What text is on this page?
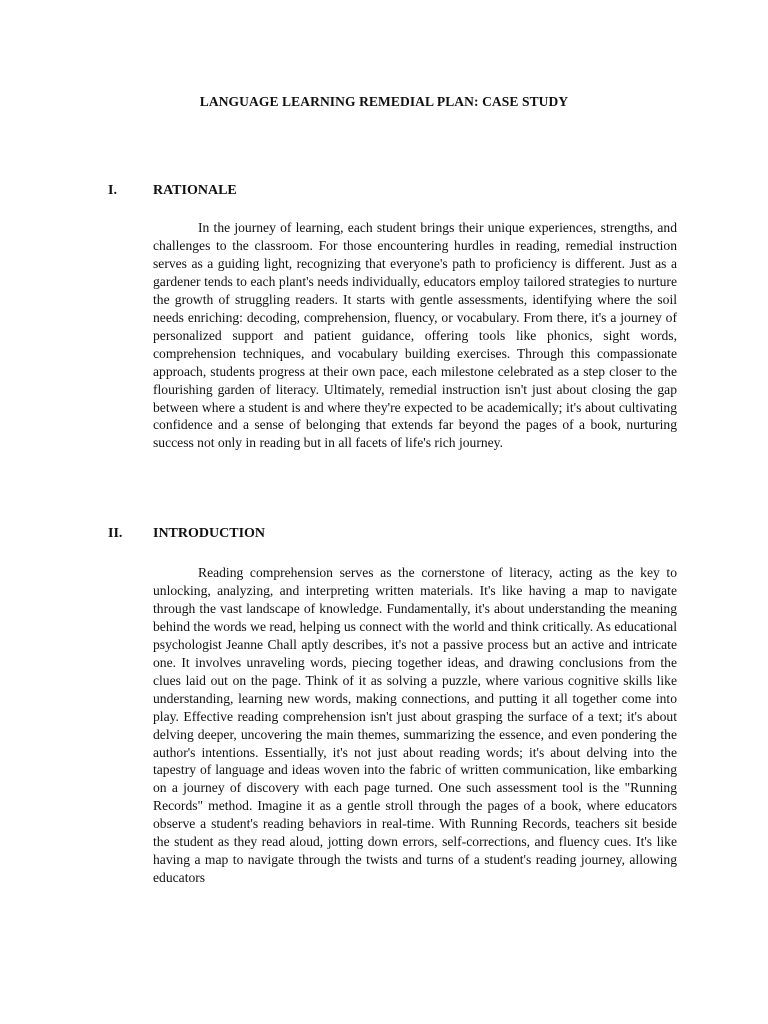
LANGUAGE LEARNING REMEDIAL PLAN: CASE STUDY
I.	RATIONALE

In the journey of learning, each student brings their unique experiences, strengths, and challenges to the classroom. For those encountering hurdles in reading, remedial instruction serves as a guiding light, recognizing that everyone's path to proficiency is different. Just as a gardener tends to each plant's needs individually, educators employ tailored strategies to nurture the growth of struggling readers. It starts with gentle assessments, identifying where the soil needs enriching: decoding, comprehension, fluency, or vocabulary. From there, it's a journey of personalized support and patient guidance, offering tools like phonics, sight words, comprehension techniques, and vocabulary building exercises. Through this compassionate approach, students progress at their own pace, each milestone celebrated as a step closer to the flourishing garden of literacy. Ultimately, remedial instruction isn't just about closing the gap between where a student is and where they're expected to be academically; it's about cultivating confidence and a sense of belonging that extends far beyond the pages of a book, nurturing success not only in reading but in all facets of life's rich journey.

II. INTRODUCTION

Reading comprehension serves as the cornerstone of literacy, acting as the key to unlocking, analyzing, and interpreting written materials. It's like having a map to navigate through the vast landscape of knowledge. Fundamentally, it's about understanding the meaning behind the words we read, helping us connect with the world and think critically. As educational psychologist Jeanne Chall aptly describes, it's not a passive process but an active and intricate one. It involves unraveling words, piecing together ideas, and drawing conclusions from the clues laid out on the page. Think of it as solving a puzzle, where various cognitive skills like understanding, learning new words, making connections, and putting it all together come into play. Effective reading comprehension isn't just about grasping the surface of a text; it's about delving deeper, uncovering the main themes, summarizing the essence, and even pondering the author's intentions. Essentially, it's not just about reading words; it's about delving into the tapestry of language and ideas woven into the fabric of written communication, like embarking on a journey of discovery with each page turned. One such assessment tool is the "Running Records" method. Imagine it as a gentle stroll through the pages of a book, where educators observe a student's reading behaviors in real-time. With Running Records, teachers sit beside the student as they read aloud, jotting down errors, self-corrections, and fluency cues. It's like having a map to navigate through the twists and turns of a student's reading journey, allowing educators
